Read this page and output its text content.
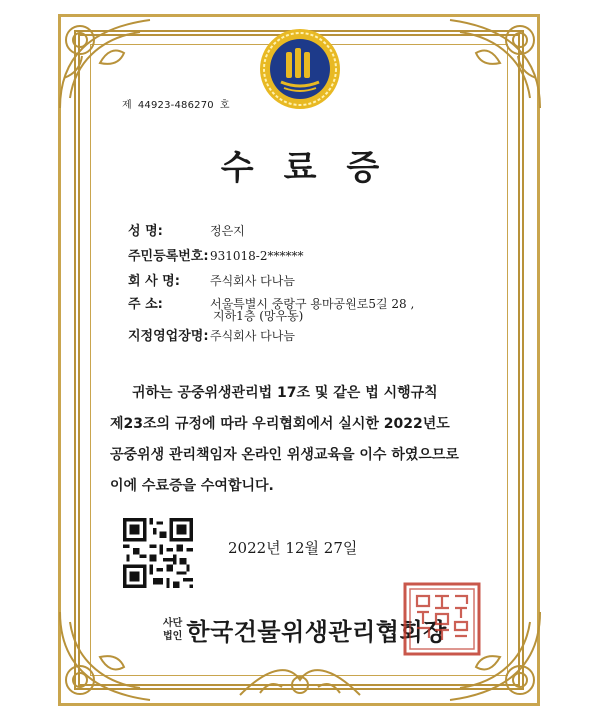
제 44923-486270 호
수료증
성 명:	정은지
주민등록번호:931018-2******
회 사 명:	주식회사 다나늠
주 소:	서울특별시 중랑구 용마공원로5길 28 ,
지하1층 (망우동)
지정영업장명:주식회사 다나늠
귀하는 공중위생관리법 17조 및 같은 법 시행규칙
제23조의 규정에 따라 우리협회에서 실시한 2022년도
공중위생 관리책임자 온라인 위생교육을 이수 하였으므로
이에 수료증을 수여합니다.
2022년 12월 27일
사단
법인 한국건물위생관리협회장
